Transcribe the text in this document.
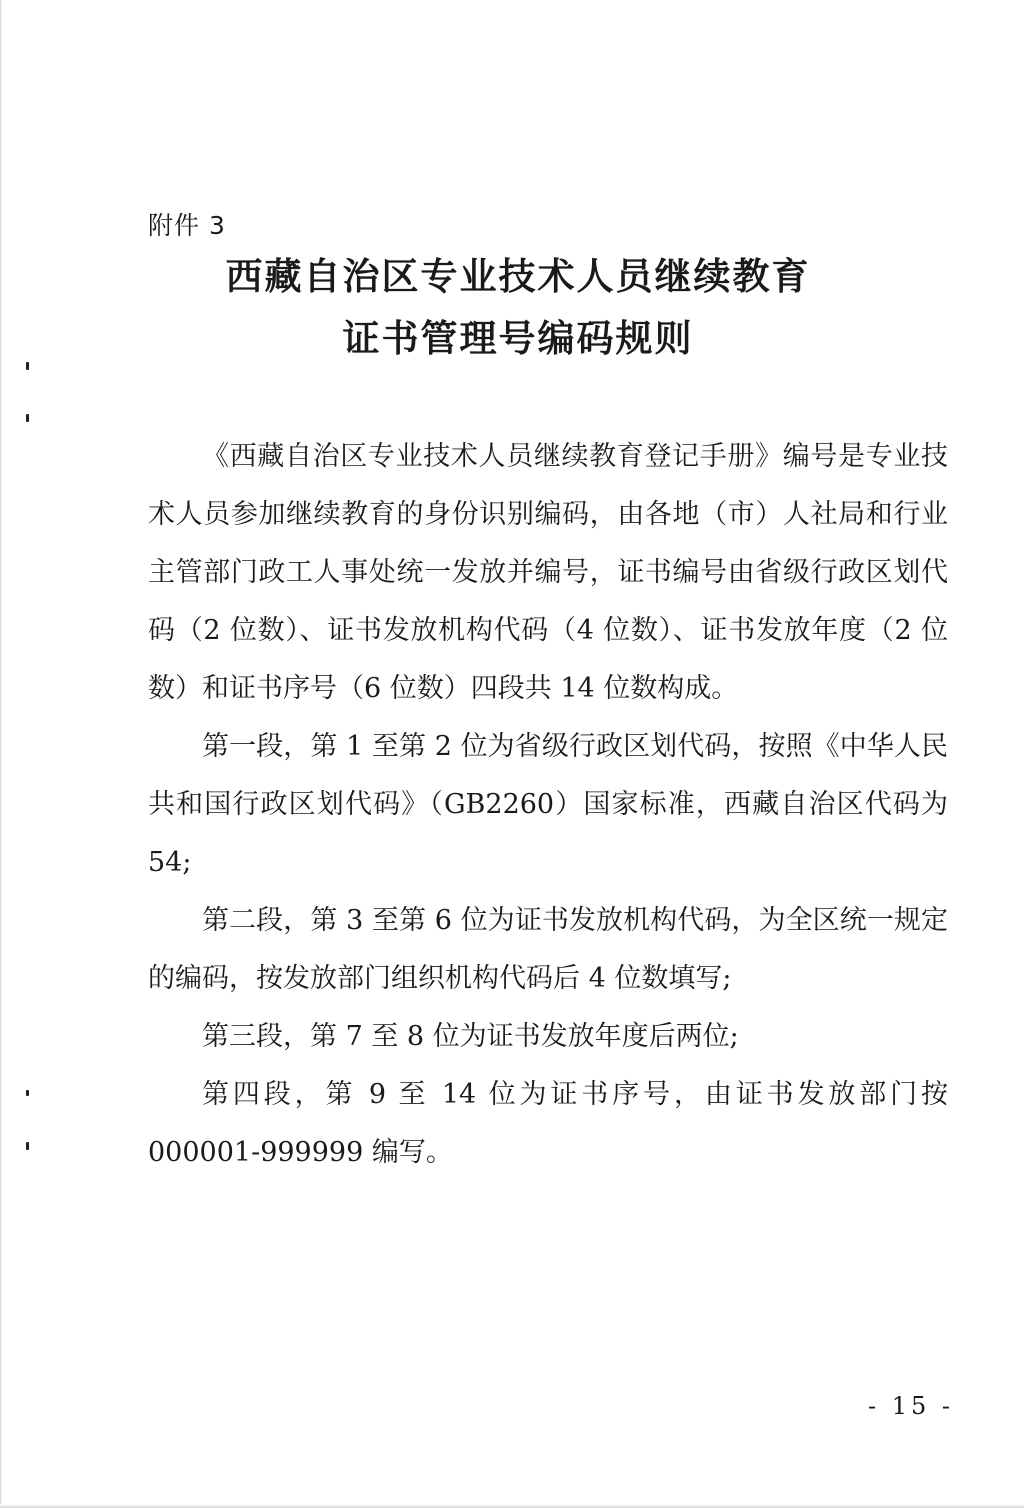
附件 3
西藏自治区专业技术人员继续教育
证书管理号编码规则

《西藏自治区专业技术人员继续教育登记手册》编号是专业技术人员参加继续教育的身份识别编码，由各地（市）人社局和行业主管部门政工人事处统一发放并编号，证书编号由省级行政区划代码（2 位数）、证书发放机构代码（4 位数）、证书发放年度（2 位数）和证书序号（6 位数）四段共 14 位数构成。

第一段，第 1 至第 2 位为省级行政区划代码，按照《中华人民共和国行政区划代码》（GB2260）国家标准，西藏自治区代码为 54;

第二段，第 3 至第 6 位为证书发放机构代码，为全区统一规定的编码，按发放部门组织机构代码后 4 位数填写;

第三段，第 7 至 8 位为证书发放年度后两位;

第四段，第 9 至 14 位为证书序号，由证书发放部门按 000001-999999 编写。

- 15 -
